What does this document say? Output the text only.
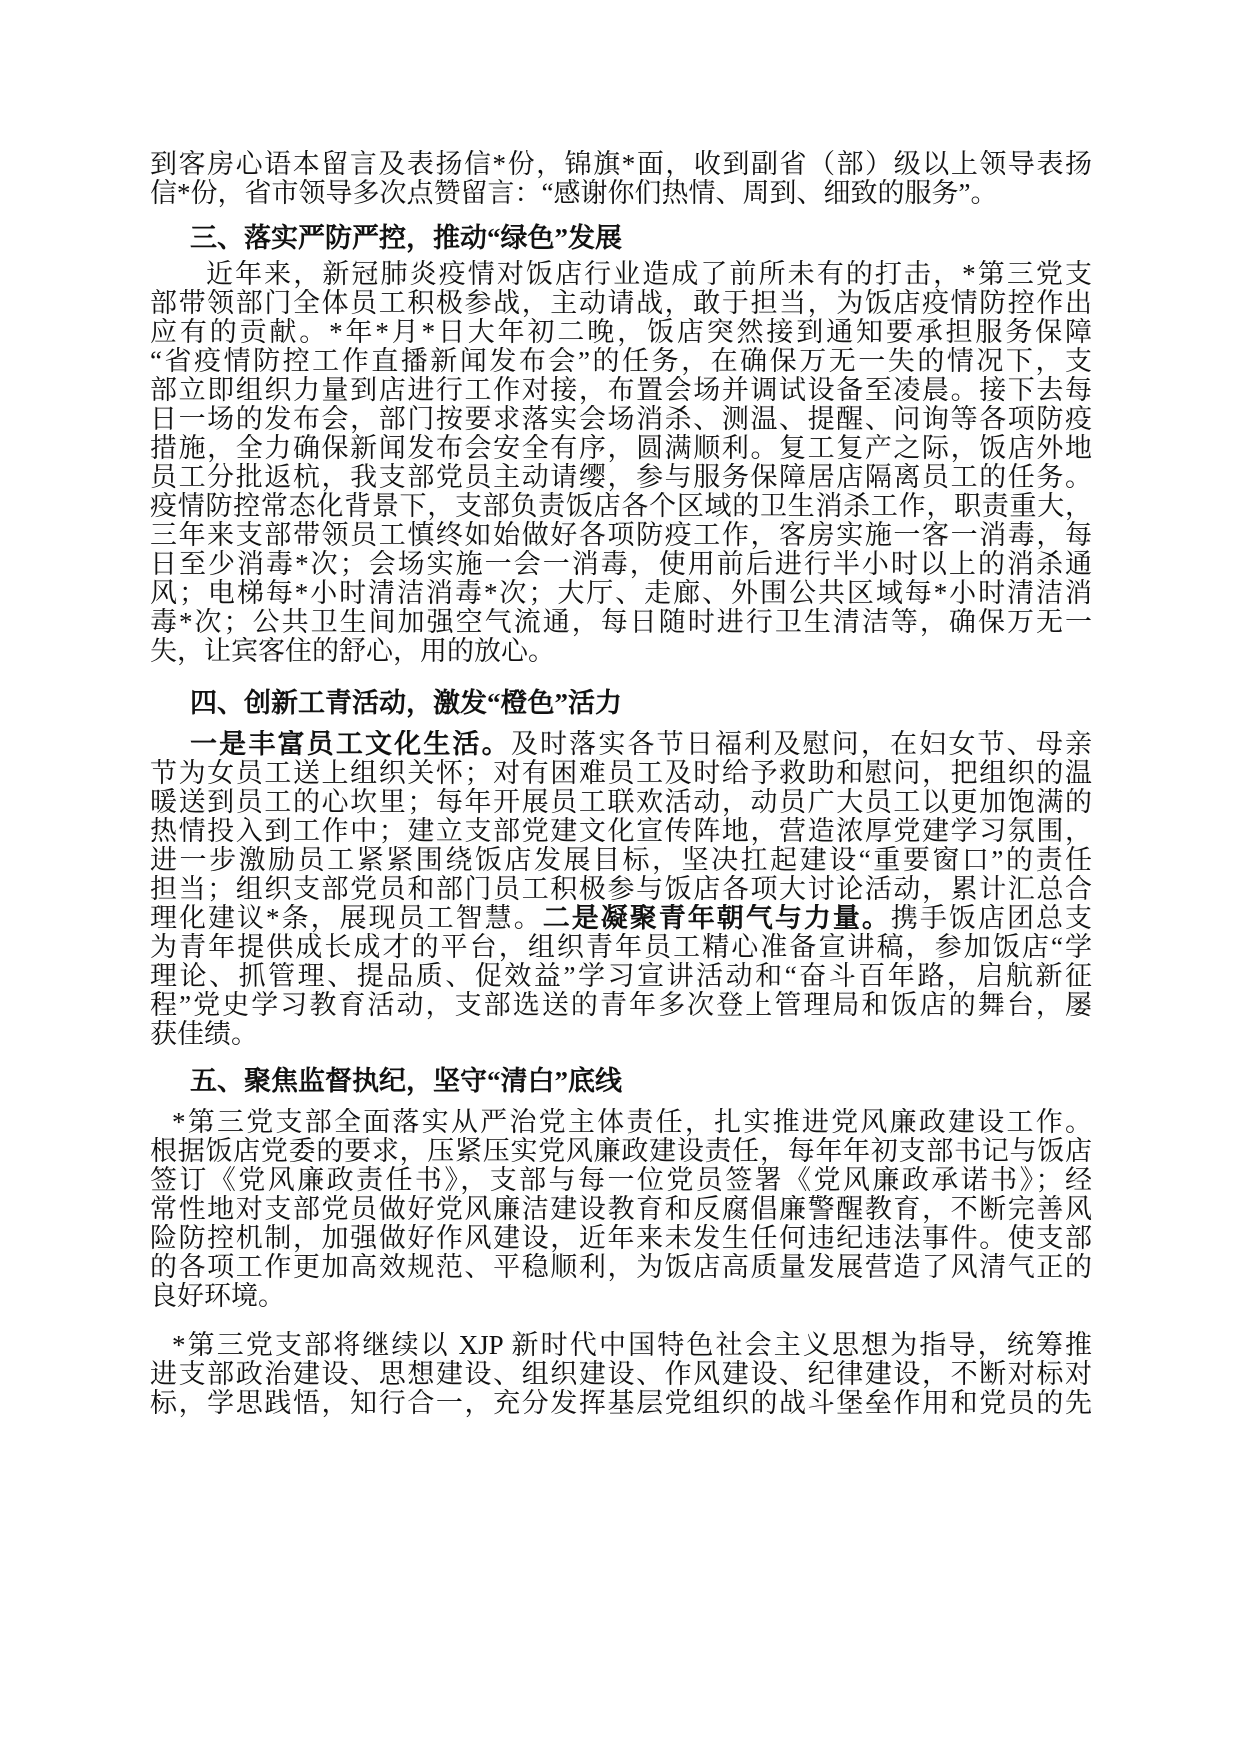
到客房心语本留言及表扬信*份，锦旗*面，收到副省（部）级以上领导表扬
信*份，省市领导多次点赞留言：“感谢你们热情、周到、细致的服务”。
三、落实严防严控，推动“绿色”发展
近年来，新冠肺炎疫情对饭店行业造成了前所未有的打击，*第三党支
部带领部门全体员工积极参战，主动请战，敢于担当，为饭店疫情防控作出
应有的贡献。*年*月*日大年初二晚，饭店突然接到通知要承担服务保障
“省疫情防控工作直播新闻发布会”的任务，在确保万无一失的情况下，支
部立即组织力量到店进行工作对接，布置会场并调试设备至凌晨。接下去每
日一场的发布会，部门按要求落实会场消杀、测温、提醒、问询等各项防疫
措施，全力确保新闻发布会安全有序，圆满顺利。复工复产之际，饭店外地
员工分批返杭，我支部党员主动请缨，参与服务保障居店隔离员工的任务。
疫情防控常态化背景下，支部负责饭店各个区域的卫生消杀工作，职责重大，
三年来支部带领员工慎终如始做好各项防疫工作，客房实施一客一消毒，每
日至少消毒*次；会场实施一会一消毒，使用前后进行半小时以上的消杀通
风；电梯每*小时清洁消毒*次；大厅、走廊、外围公共区域每*小时清洁消
毒*次；公共卫生间加强空气流通，每日随时进行卫生清洁等，确保万无一
失，让宾客住的舒心，用的放心。
四、创新工青活动，激发“橙色”活力
一是丰富员工文化生活。及时落实各节日福利及慰问，在妇女节、母亲
节为女员工送上组织关怀；对有困难员工及时给予救助和慰问，把组织的温
暖送到员工的心坎里；每年开展员工联欢活动，动员广大员工以更加饱满的
热情投入到工作中；建立支部党建文化宣传阵地，营造浓厚党建学习氛围，
进一步激励员工紧紧围绕饭店发展目标，坚决扛起建设“重要窗口”的责任
担当；组织支部党员和部门员工积极参与饭店各项大讨论活动，累计汇总合
理化建议*条，展现员工智慧。二是凝聚青年朝气与力量。携手饭店团总支
为青年提供成长成才的平台，组织青年员工精心准备宣讲稿，参加饭店“学
理论、抓管理、提品质、促效益”学习宣讲活动和“奋斗百年路，启航新征
程”党史学习教育活动，支部选送的青年多次登上管理局和饭店的舞台，屡
获佳绩。
五、聚焦监督执纪，坚守“清白”底线
*第三党支部全面落实从严治党主体责任，扎实推进党风廉政建设工作。
根据饭店党委的要求，压紧压实党风廉政建设责任，每年年初支部书记与饭店
签订《党风廉政责任书》，支部与每一位党员签署《党风廉政承诺书》；经
常性地对支部党员做好党风廉洁建设教育和反腐倡廉警醒教育，不断完善风
险防控机制，加强做好作风建设，近年来未发生任何违纪违法事件。使支部
的各项工作更加高效规范、平稳顺利，为饭店高质量发展营造了风清气正的
良好环境。
*第三党支部将继续以 XJP 新时代中国特色社会主义思想为指导，统筹推
进支部政治建设、思想建设、组织建设、作风建设、纪律建设，不断对标对
标，学思践悟，知行合一，充分发挥基层党组织的战斗堡垒作用和党员的先
